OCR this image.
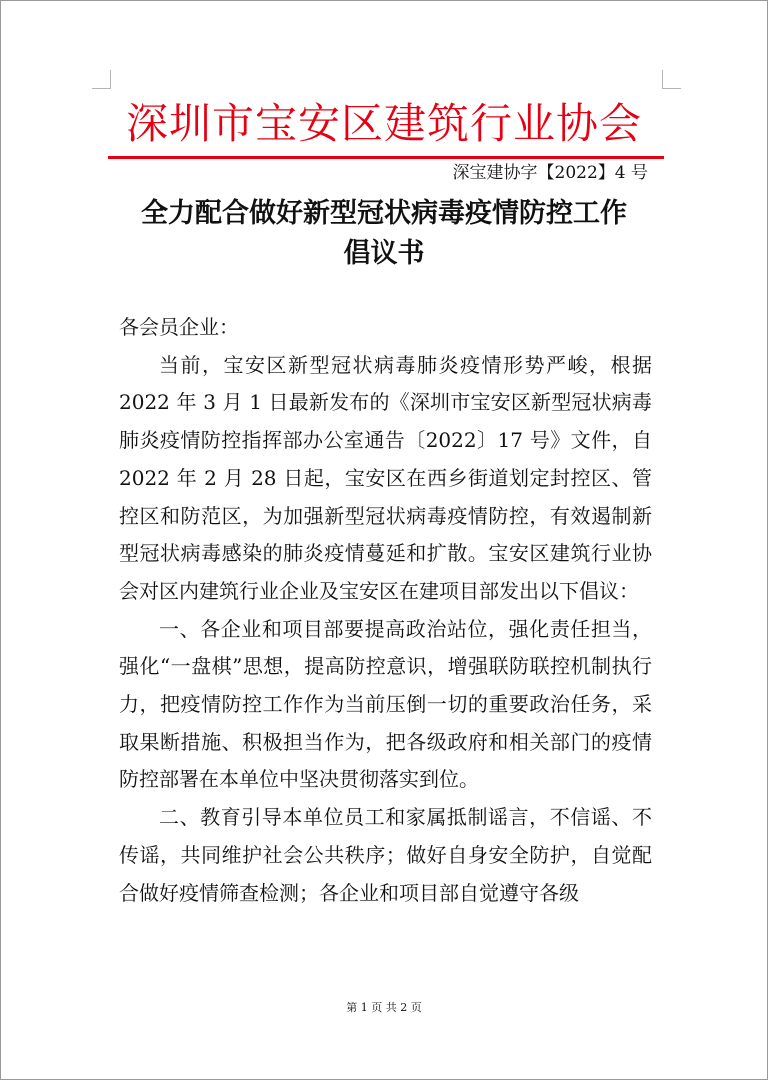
深圳市宝安区建筑行业协会
深宝建协字【2022】4 号
全力配合做好新型冠状病毒疫情防控工作
倡议书

各会员企业：

当前，宝安区新型冠状病毒肺炎疫情形势严峻，根据 2022 年 3 月 1 日最新发布的《深圳市宝安区新型冠状病毒肺炎疫情防控指挥部办公室通告〔2022〕17 号》文件，自 2022 年 2 月 28 日起，宝安区在西乡街道划定封控区、管控区和防范区，为加强新型冠状病毒疫情防控，有效遏制新型冠状病毒感染的肺炎疫情蔓延和扩散。宝安区建筑行业协会对区内建筑行业企业及宝安区在建项目部发出以下倡议：

一、各企业和项目部要提高政治站位，强化责任担当，强化“一盘棋”思想，提高防控意识，增强联防联控机制执行力，把疫情防控工作作为当前压倒一切的重要政治任务，采取果断措施、积极担当作为，把各级政府和相关部门的疫情防控部署在本单位中坚决贯彻落实到位。

二、教育引导本单位员工和家属抵制谣言，不信谣、不传谣，共同维护社会公共秩序；做好自身安全防护，自觉配合做好疫情筛查检测；各企业和项目部自觉遵守各级

第 1 页 共 2 页
